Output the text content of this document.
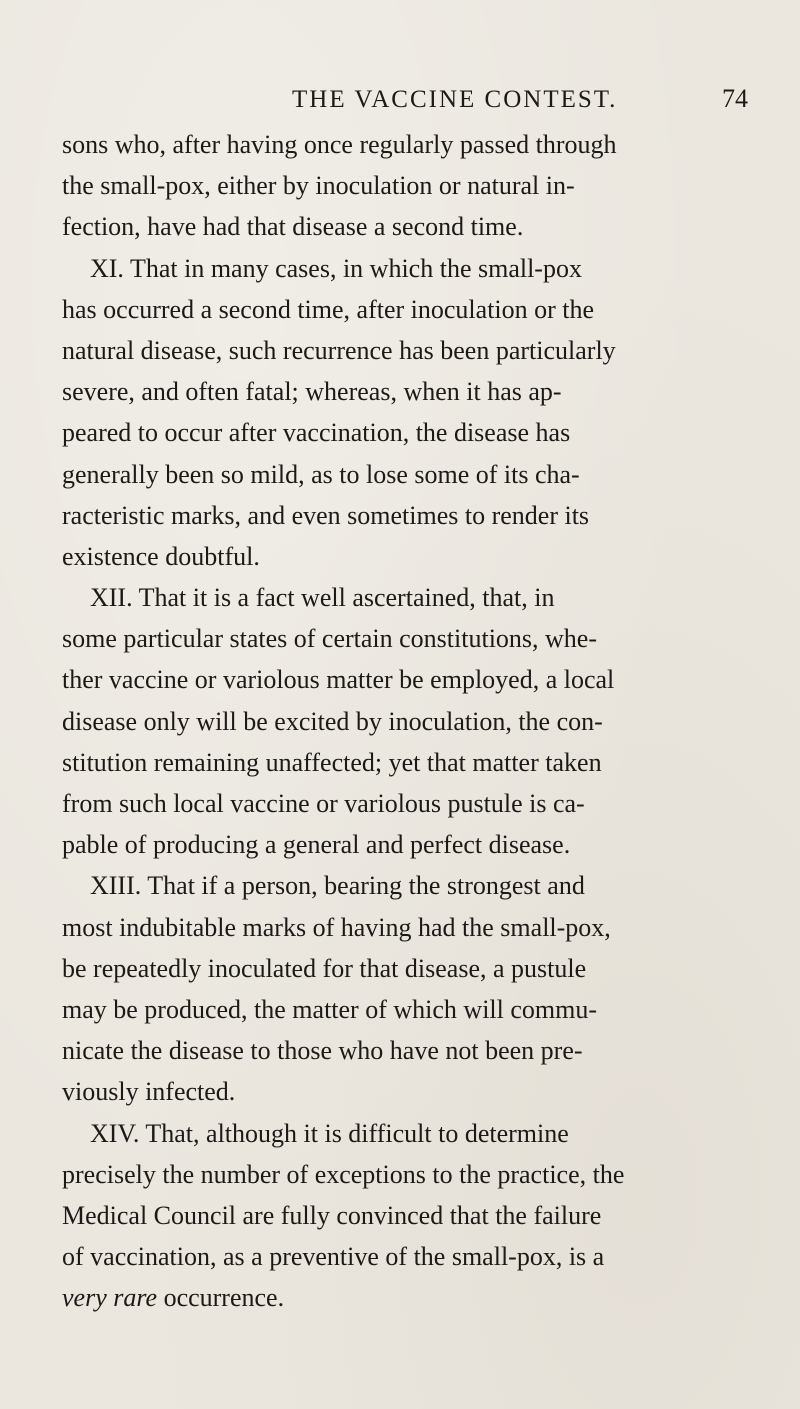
THE VACCINE CONTEST.	74
sons who, after having once regularly passed through
the small-pox, either by inoculation or natural in-
fection, have had that disease a second time.
XI. That in many cases, in which the small-pox
has occurred a second time, after inoculation or the
natural disease, such recurrence has been particularly
severe, and often fatal; whereas, when it has ap-
peared to occur after vaccination, the disease has
generally been so mild, as to lose some of its cha-
racteristic marks, and even sometimes to render its
existence doubtful.
XII. That it is a fact well ascertained, that, in
some particular states of certain constitutions, whe-
ther vaccine or variolous matter be employed, a local
disease only will be excited by inoculation, the con-
stitution remaining unaffected; yet that matter taken
from such local vaccine or variolous pustule is ca-
pable of producing a general and perfect disease.
XIII. That if a person, bearing the strongest and
most indubitable marks of having had the small-pox,
be repeatedly inoculated for that disease, a pustule
may be produced, the matter of which will commu-
nicate the disease to those who have not been pre-
viously infected.
XIV. That, although it is difficult to determine
precisely the number of exceptions to the practice, the
Medical Council are fully convinced that the failure
of vaccination, as a preventive of the small-pox, is a
very rare occurrence.
